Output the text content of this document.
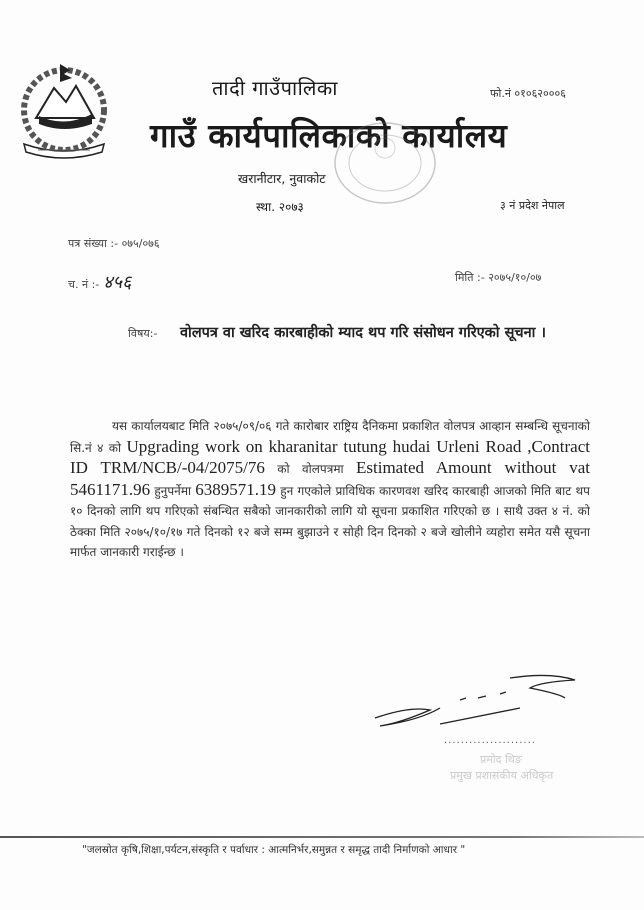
तादी गाउँपालिका
गाउँ कार्यपालिकाको कार्यालय
खरानीटार, नुवाकोट
स्था. २०७३
फो.नं ०१०६२०००६
३ नं प्रदेश नेपाल
पत्र संख्या :- ०७५/०७६
च. नं :- ४५६	मिति :- २०७५/१०/०७
विषय:- वोलपत्र वा खरिद कारबाहीको म्याद थप गरि संसोधन गरिएको सूचना ।

यस कार्यालयबाट मिति २०७५/०९/०६ गते कारोबार राष्ट्रिय दैनिकमा प्रकाशित वोलपत्र आव्हान सम्बन्धि सूचनाको सि.नं ४ को Upgrading work on kharanitar tutung hudai Urleni Road ,Contract ID TRM/NCB/-04/2075/76 को वोलपत्रमा Estimated Amount without vat 5461171.96 हुनुपर्नेमा 6389571.19 हुन गएकोले प्राविधिक कारणवश खरिद कारबाही आजको मिति बाट थप १० दिनको लागि थप गरिएको संबन्धित सबैको जानकारीको लागि यो सूचना प्रकाशित गरिएको छ । साथै उक्त ४ नं. को ठेक्का मिति २०७५/१०/१७ गते दिनको १२ बजे सम्म बुझाउने र सोही दिन दिनको २ बजे खोलीने व्यहोरा समेत यसै सूचना मार्फत जानकारी गराईन्छ ।

......................
प्रमोद थिङ
प्रमुख प्रशासकीय अधिकृत
"जलस्रोत कृषि,शिक्षा,पर्यटन,संस्कृति र पर्वाधार : आत्मनिर्भर,समुन्नत र समृद्ध तादी निर्माणको आधार "
